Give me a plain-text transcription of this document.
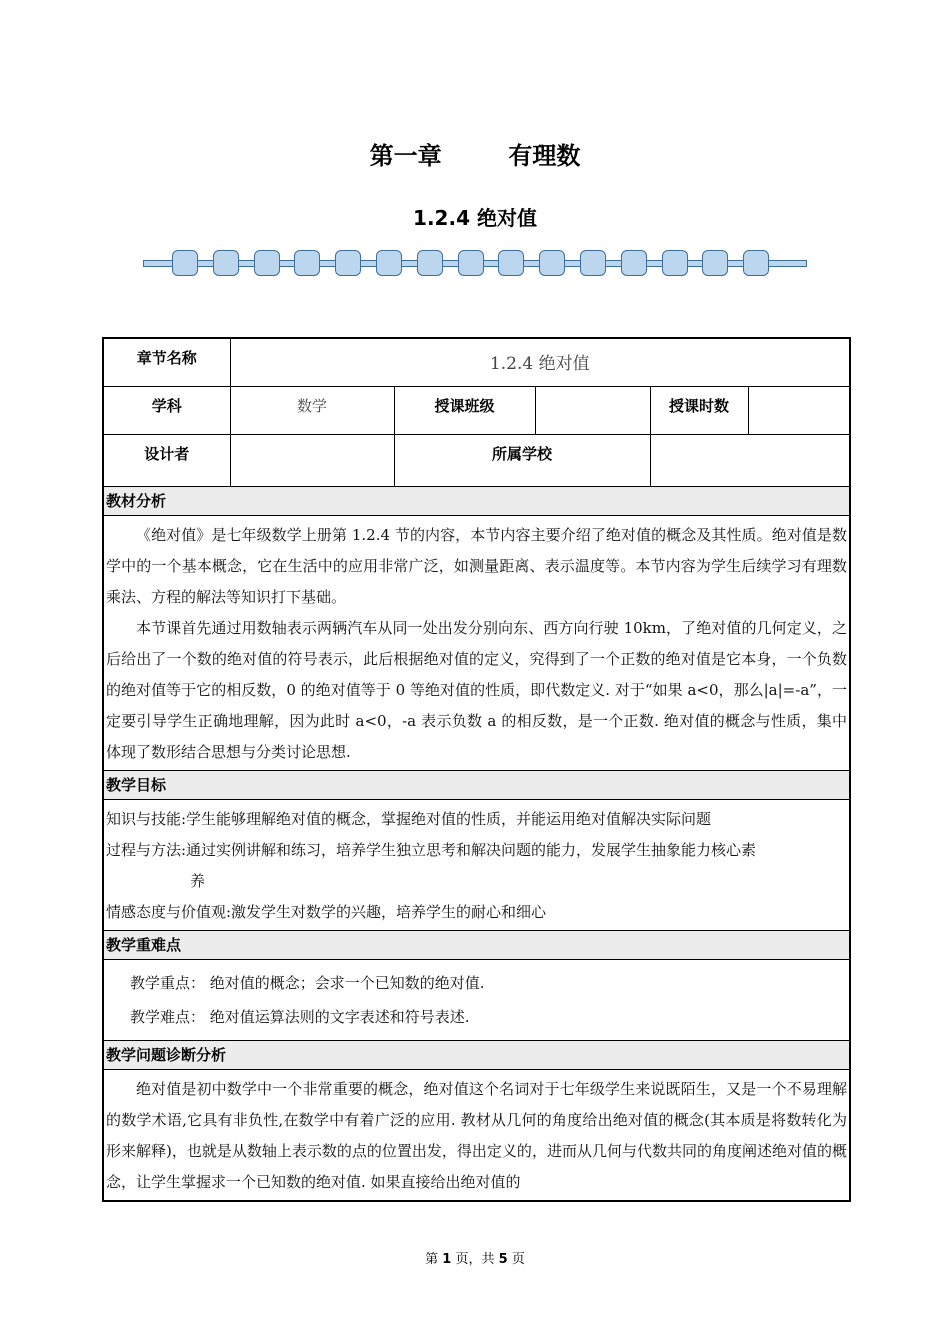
第一章	有理数
1.2.4 绝对值
章节名称	1.2.4 绝对值				
学科	数学	授课班级		授课时数	
设计者		所属学校			
教材分析					

《绝对值》是七年级数学上册第 1.2.4 节的内容，本节内容主要介绍了绝对值的概念及其性质。绝对值是数学中的一个基本概念，它在生活中的应用非常广泛，如测量距离、表示温度等。本节内容为学生后续学习有理数乘法、方程的解法等知识打下基础。

本节课首先通过用数轴表示两辆汽车从同一处出发分别向东、西方向行驶 10km，了绝对值的几何定义，之后给出了一个数的绝对值的符号表示，此后根据绝对值的定义，究得到了一个正数的绝对值是它本身，一个负数的绝对值等于它的相反数，0 的绝对值等于 0 等绝对值的性质，即代数定义. 对于“如果 a<0，那么|a|=-a”，一定要引导学生正确地理解，因为此时 a<0，-a 表示负数 a 的相反数，是一个正数. 绝对值的概念与性质，集中体现了数形结合思想与分类讨论思想.					

教学目标					

知识与技能:学生能够理解绝对值的概念，掌握绝对值的性质，并能运用绝对值解决实际问题

过程与方法:通过实例讲解和练习，培养学生独立思考和解决问题的能力，发展学生抽象能力核心素

养

情感态度与价值观:激发学生对数学的兴趣，培养学生的耐心和细心					

教学重难点					

教学重点： 绝对值的概念；会求一个已知数的绝对值.

教学难点： 绝对值运算法则的文字表述和符号表述.					

教学问题诊断分析					

绝对值是初中数学中一个非常重要的概念，绝对值这个名词对于七年级学生来说既陌生，又是一个不易理解的数学术语,它具有非负性,在数学中有着广泛的应用. 教材从几何的角度给出绝对值的概念(其本质是将数转化为形来解释)，也就是从数轴上表示数的点的位置出发，得出定义的，进而从几何与代数共同的角度阐述绝对值的概念，让学生掌握求一个已知数的绝对值. 如果直接给出绝对值的					

第 1 页，共 5 页
